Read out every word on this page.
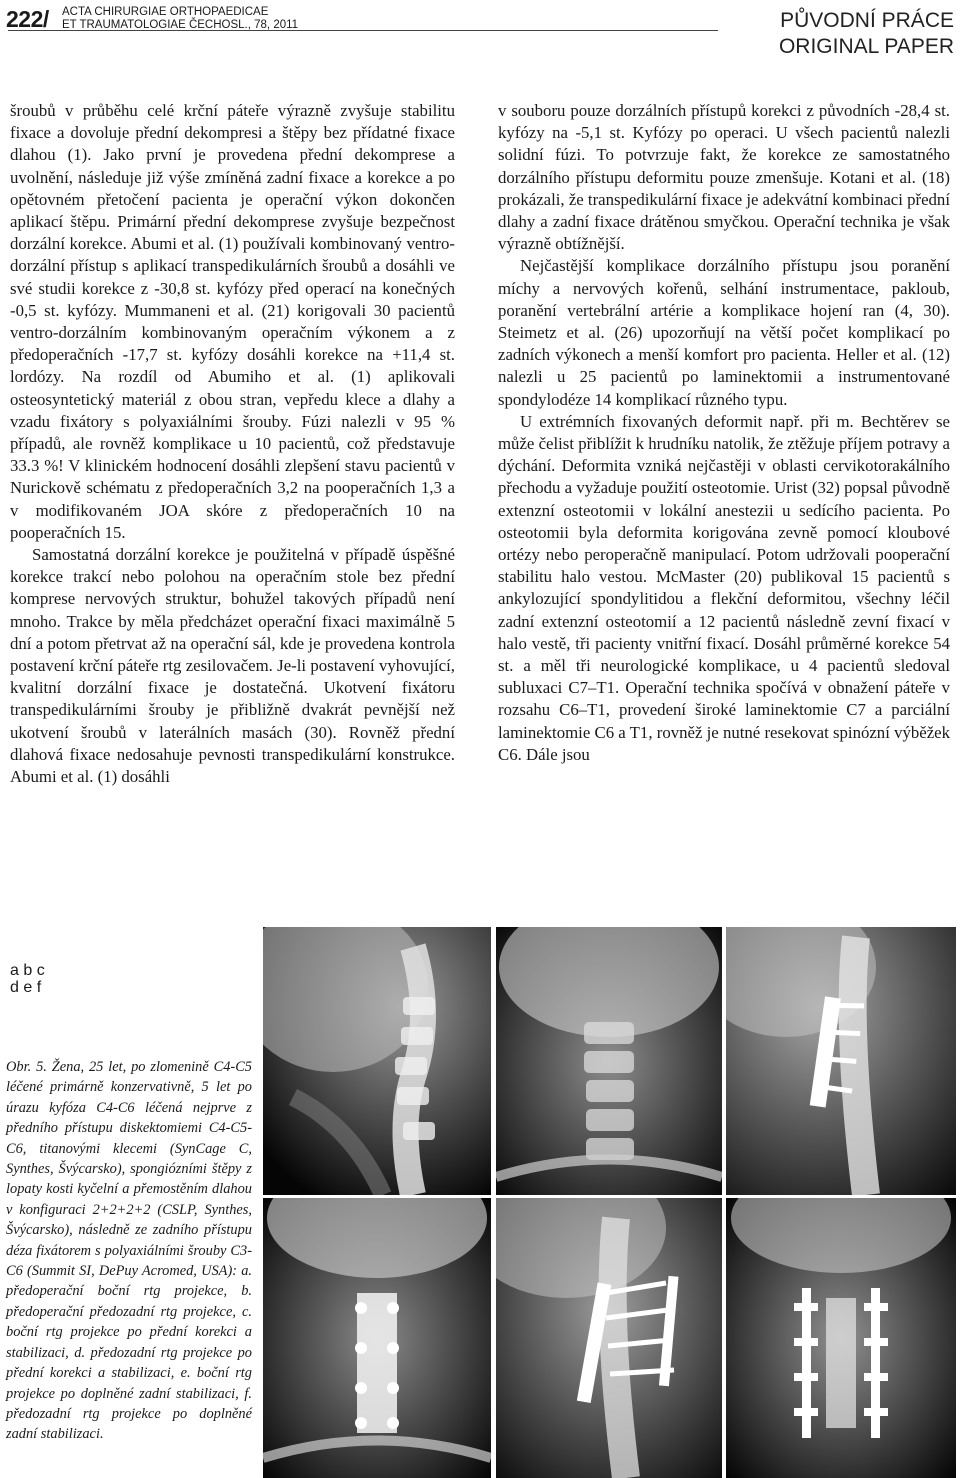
222/ ACTA CHIRURGIAE ORTHOPAEDICAE
ET TRAUMATOLOGIAE ČECHOSL., 78, 2011	PŮVODNÍ PRÁCE
ORIGINAL PAPER

šroubů v průběhu celé krční páteře výrazně zvyšuje stabilitu fixace a dovoluje přední dekompresi a štěpy bez přídatné fixace dlahou (1). Jako první je provedena přední dekomprese a uvolnění, následuje již výše zmíněná zadní fixace a korekce a po opětovném přetočení pacienta je operační výkon dokončen aplikací štěpu. Primární přední dekomprese zvyšuje bezpečnost dorzální korekce. Abumi et al. (1) používali kombinovaný ventro-dorzální přístup s aplikací transpedikulárních šroubů a dosáhli ve své studii korekce z -30,8 st. kyfózy před operací na konečných -0,5 st. kyfózy. Mummaneni et al. (21) korigovali 30 pacientů ventro-dorzálním kombinovaným operačním výkonem a z předoperačních -17,7 st. kyfózy dosáhli korekce na +11,4 st. lordózy. Na rozdíl od Abumiho et al. (1) aplikovali osteosyntetický materiál z obou stran, vepředu klece a dlahy a vzadu fixátory s polyaxiálními šrouby. Fúzi nalezli v 95 % případů, ale rovněž komplikace u 10 pacientů, což představuje 33.3 %! V klinickém hodnocení dosáhli zlepšení stavu pacientů v Nurickově schématu z předoperačních 3,2 na pooperačních 1,3 a v modifikovaném JOA skóre z předoperačních 10 na pooperačních 15.

Samostatná dorzální korekce je použitelná v případě úspěšné korekce trakcí nebo polohou na operačním stole bez přední komprese nervových struktur, bohužel takových případů není mnoho. Trakce by měla předcházet operační fixaci maximálně 5 dní a potom přetrvat až na operační sál, kde je provedena kontrola postavení krční páteře rtg zesilovačem. Je-li postavení vyhovující, kvalitní dorzální fixace je dostatečná. Ukotvení fixátoru transpedikulárními šrouby je přibližně dvakrát pevnější než ukotvení šroubů v laterálních masách (30). Rovněž přední dlahová fixace nedosahuje pevnosti transpedikulární konstrukce. Abumi et al. (1) dosáhli

v souboru pouze dorzálních přístupů korekci z původních -28,4 st. kyfózy na -5,1 st. Kyfózy po operaci. U všech pacientů nalezli solidní fúzi. To potvrzuje fakt, že korekce ze samostatného dorzálního přístupu deformitu pouze zmenšuje. Kotani et al. (18) prokázali, že transpedikulární fixace je adekvátní kombinaci přední dlahy a zadní fixace drátěnou smyčkou. Operační technika je však výrazně obtížnější.

Nejčastější komplikace dorzálního přístupu jsou poranění míchy a nervových kořenů, selhání instrumentace, pakloub, poranění vertebrální artérie a komplikace hojení ran (4, 30). Steimetz et al. (26) upozorňují na větší počet komplikací po zadních výkonech a menší komfort pro pacienta. Heller et al. (12) nalezli u 25 pacientů po laminektomii a instrumentované spondylodéze 14 komplikací různého typu.

U extrémních fixovaných deformit např. při m. Bechtěrev se může čelist přiblížit k hrudníku natolik, že ztěžuje příjem potravy a dýchání. Deformita vzniká nejčastěji v oblasti cervikotorakálního přechodu a vyžaduje použití osteotomie. Urist (32) popsal původně extenzní osteotomii v lokální anestezii u sedícího pacienta. Po osteotomii byla deformita korigována zevně pomocí kloubové ortézy nebo peroperačně manipulací. Potom udržovali pooperační stabilitu halo vestou. McMaster (20) publikoval 15 pacientů s ankylozující spondylitidou a flekční deformitou, všechny léčil zadní extenzní osteotomií a 12 pacientů následně zevní fixací v halo vestě, tři pacienty vnitřní fixací. Dosáhl průměrné korekce 54 st. a měl tři neurologické komplikace, u 4 pacientů sledoval subluxaci C7–T1. Operační technika spočívá v obnažení páteře v rozsahu C6–T1, provedení široké laminektomie C7 a parciální laminektomie C6 a T1, rovněž je nutné resekovat spinózní výběžek C6. Dále jsou

a b c
d e f
Obr. 5. Žena, 25 let, po zlomenině C4-C5 léčené primárně konzervativně, 5 let po úrazu kyfóza C4-C6 léčená nejprve z předního přístupu diskektomiemi C4-C5-C6, titanovými klecemi (SynCage C, Synthes, Švýcarsko), spongiózními štěpy z lopaty kosti kyčelní a přemostěním dlahou v konfiguraci 2+2+2+2 (CSLP, Synthes, Švýcarsko), následně ze zadního přístupu déza fixátorem s polyaxiálními šrouby C3-C6 (Summit SI, DePuy Acromed, USA): a. předoperační boční rtg projekce, b. předoperační předozadní rtg projekce, c. boční rtg projekce po přední korekci a stabilizaci, d. předozadní rtg projekce po přední korekci a stabilizaci, e. boční rtg projekce po doplněné zadní stabilizaci, f. předozadní rtg projekce po doplněné zadní stabilizaci.
